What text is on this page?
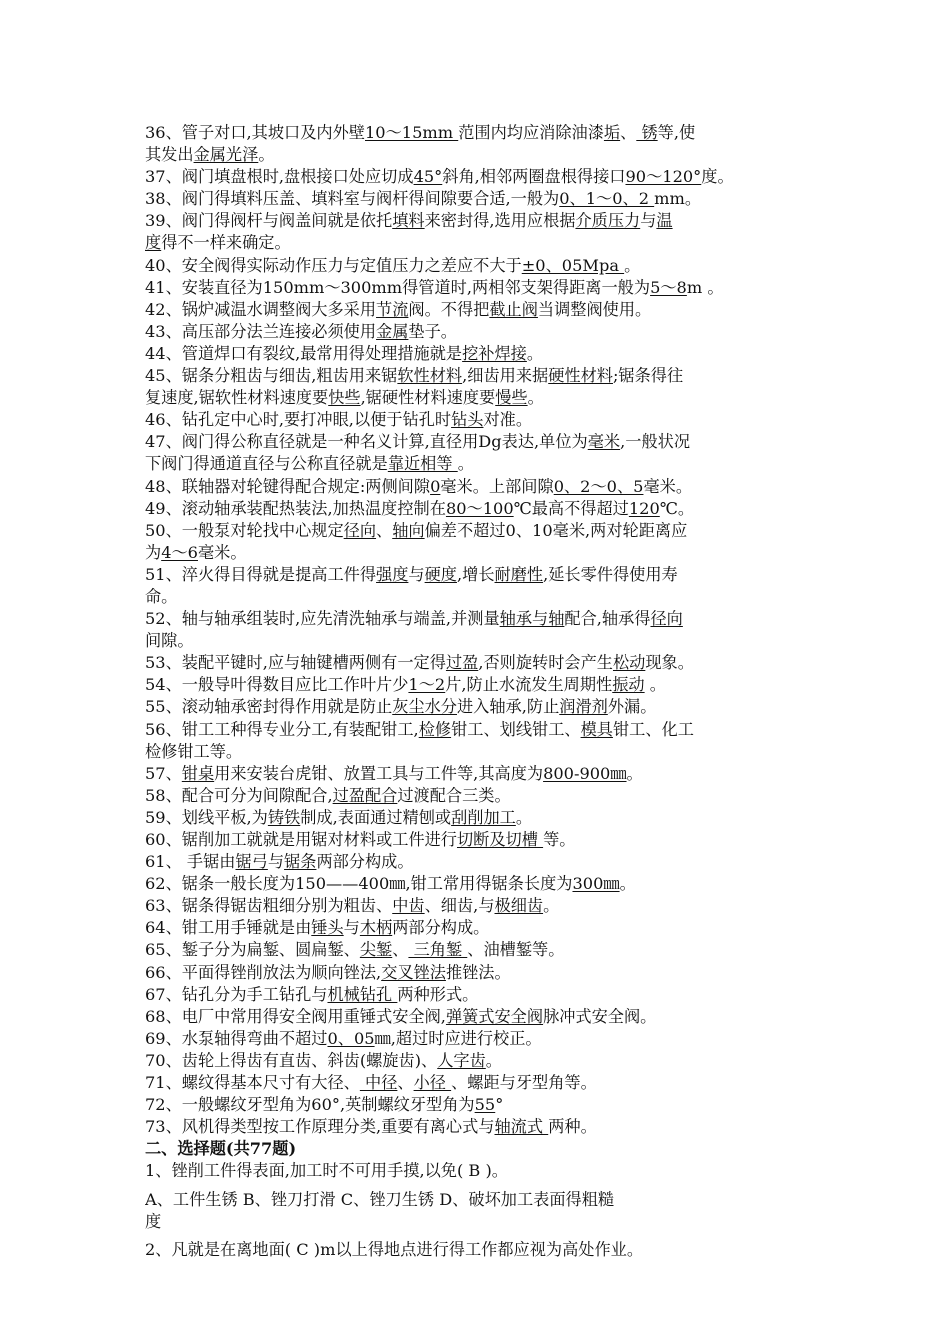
36、管子对口,其坡口及内外壁10～15mm 范围内均应消除油漆垢、 锈等,使
其发出金属光泽。
37、阀门填盘根时,盘根接口处应切成45°斜角,相邻两圈盘根得接口90～120°度。
38、阀门得填料压盖、填料室与阀杆得间隙要合适,一般为0、1～0、2 mm。
39、阀门得阀杆与阀盖间就是依托填料来密封得,选用应根据介质压力与温
度得不一样来确定。
40、安全阀得实际动作压力与定值压力之差应不大于±0、05Mpa 。
41、安装直径为150mm～300mm得管道时,两相邻支架得距离一般为5～8m 。
42、锅炉减温水调整阀大多采用节流阀。不得把截止阀当调整阀使用。
43、高压部分法兰连接必须使用金属垫子。
44、管道焊口有裂纹,最常用得处理措施就是挖补焊接。
45、锯条分粗齿与细齿,粗齿用来锯软性材料,细齿用来据硬性材料;锯条得往
复速度,锯软性材料速度要快些,锯硬性材料速度要慢些。
46、钻孔定中心时,要打冲眼,以便于钻孔时钻头对准。
47、阀门得公称直径就是一种名义计算,直径用Dg表达,单位为毫米,一般状况
下阀门得通道直径与公称直径就是靠近相等 。
48、联轴器对轮键得配合规定:两侧间隙0毫米。上部间隙0、2～0、5毫米。
49、滚动轴承装配热装法,加热温度控制在80～100℃最高不得超过120℃。
50、一般泵对轮找中心规定径向、轴向偏差不超过0、10毫米,两对轮距离应
为4～6毫米。
51、淬火得目得就是提高工件得强度与硬度,增长耐磨性,延长零件得使用寿
命。
52、轴与轴承组装时,应先清洗轴承与端盖,并测量轴承与轴配合,轴承得径向
间隙。
53、装配平键时,应与轴键槽两侧有一定得过盈,否则旋转时会产生松动现象。
54、一般导叶得数目应比工作叶片少1～2片,防止水流发生周期性振动 。
55、滚动轴承密封得作用就是防止灰尘水分进入轴承,防止润滑剂外漏。
56、钳工工种得专业分工,有装配钳工,检修钳工、划线钳工、模具钳工、化工
检修钳工等。
57、钳桌用来安装台虎钳、放置工具与工件等,其高度为800-900㎜。
58、配合可分为间隙配合,过盈配合过渡配合三类。
59、划线平板,为铸铁制成,表面通过精刨或刮削加工。
60、锯削加工就就是用锯对材料或工件进行切断及切槽 等。
61、 手锯由锯弓与锯条两部分构成。
62、锯条一般长度为150——400㎜,钳工常用得锯条长度为300㎜。
63、锯条得锯齿粗细分别为粗齿、中齿、细齿,与极细齿。
64、钳工用手锤就是由锤头与木柄两部分构成。
65、錾子分为扁錾、圆扁錾、尖錾、 三角錾 、油槽錾等。
66、平面得锉削放法为顺向锉法,交叉锉法推锉法。
67、钻孔分为手工钻孔与机械钻孔 两种形式。
68、电厂中常用得安全阀用重锤式安全阀,弹簧式安全阀脉冲式安全阀。
69、水泵轴得弯曲不超过0、05㎜,超过时应进行校正。
70、齿轮上得齿有直齿、斜齿(螺旋齿)、人字齿。
71、螺纹得基本尺寸有大径、 中径、小径 、螺距与牙型角等。
72、一般螺纹牙型角为60°,英制螺纹牙型角为55°
73、风机得类型按工作原理分类,重要有离心式与轴流式 两种。
二、选择题(共77题)
1、锉削工件得表面,加工时不可用手摸,以免( B )。
A、工件生锈 B、锉刀打滑 C、锉刀生锈 D、破坏加工表面得粗糙
度
2、凡就是在离地面( C )m以上得地点进行得工作都应视为高处作业。
